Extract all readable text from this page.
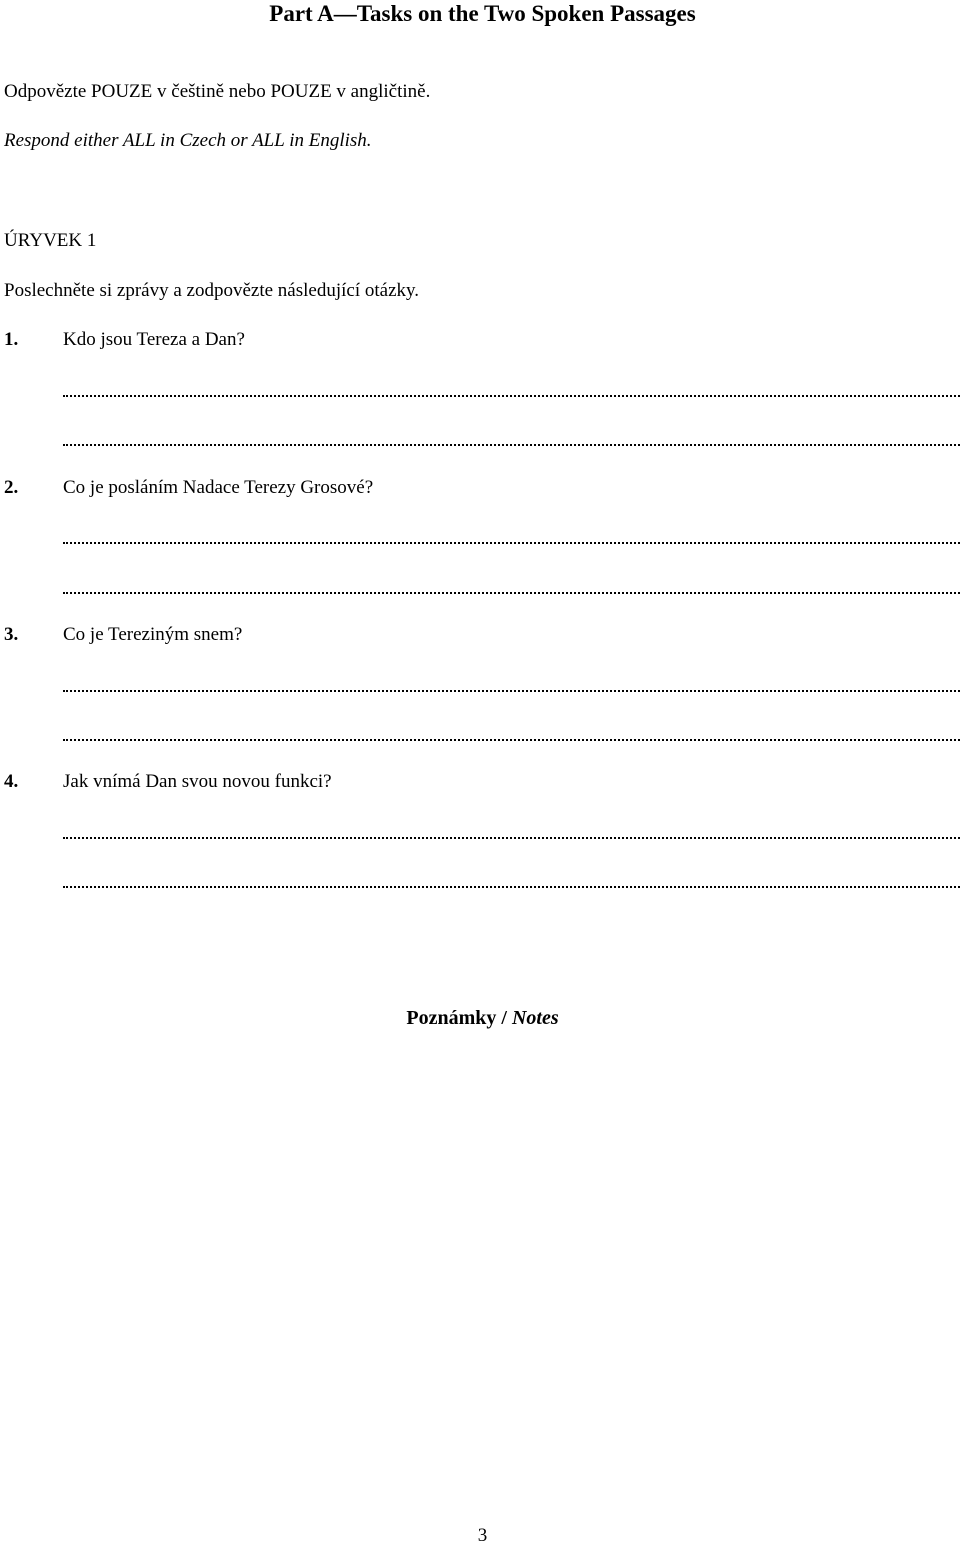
Part A—Tasks on the Two Spoken Passages
Odpovězte POUZE v češtině nebo POUZE v angličtině.
Respond either ALL in Czech or ALL in English.
ÚRYVEK 1
Poslechněte si zprávy a zodpovězte následující otázky.
1. Kdo jsou Tereza a Dan?
2. Co je posláním Nadace Terezy Grosové?
3. Co je Tereziným snem?
4. Jak vnímá Dan svou novou funkci?
Poznámky / Notes
3
